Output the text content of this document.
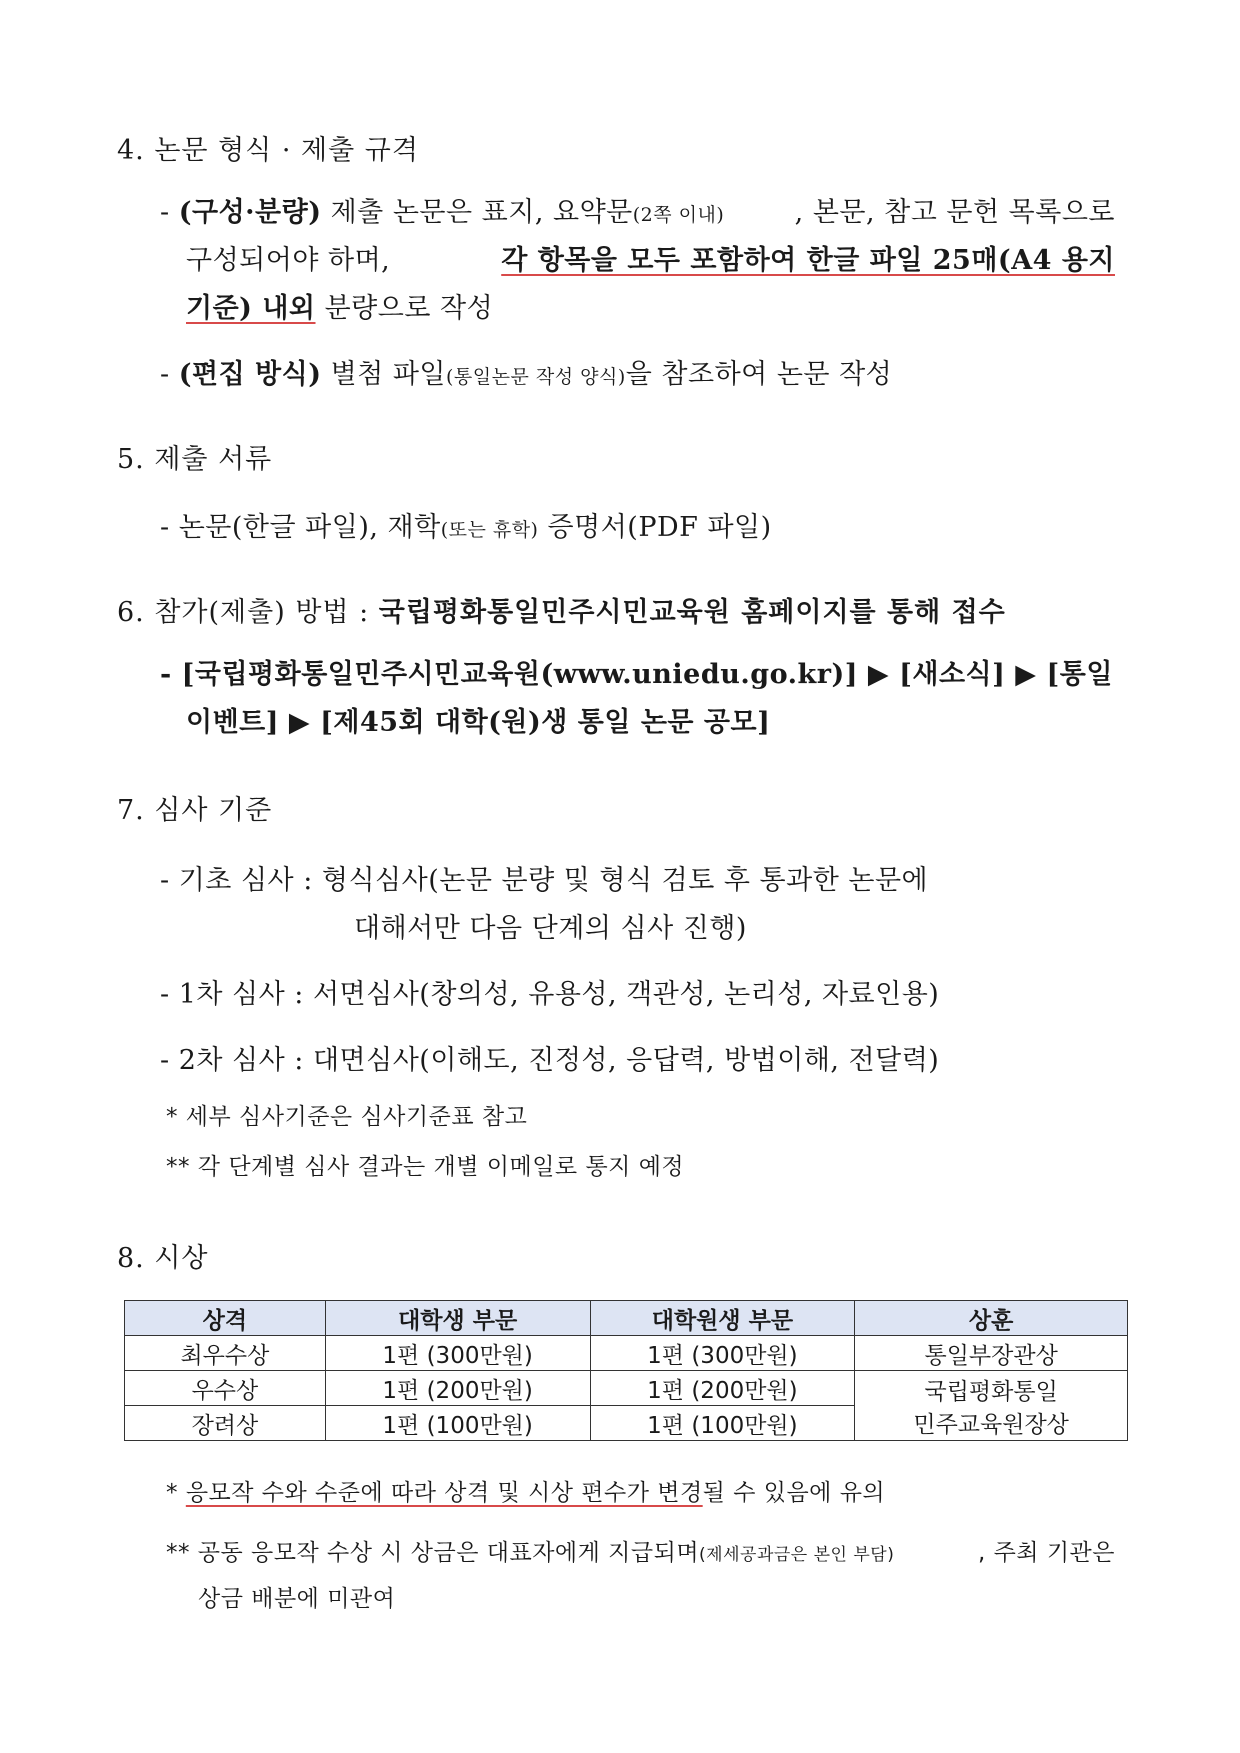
4. 논문 형식 · 제출 규격
- (구성·분량) 제출 논문은 표지, 요약문(2쪽 이내)	, 본문, 참고 문헌 목록으로
구성되어야 하며,	각 항목을 모두 포함하여 한글 파일 25매(A4 용지
기준) 내외 분량으로 작성
- (편집 방식) 별첨 파일(통일논문 작성 양식)을 참조하여 논문 작성
5. 제출 서류
- 논문(한글 파일), 재학(또는 휴학) 증명서(PDF 파일)
6. 참가(제출) 방법 : 국립평화통일민주시민교육원 홈페이지를 통해 접수
- [국립평화통일민주시민교육원(www.uniedu.go.kr)] ▶ [새소식] ▶ [통일
이벤트] ▶ [제45회 대학(원)생 통일 논문 공모]
7. 심사 기준
- 기초 심사 : 형식심사(논문 분량 및 형식 검토 후 통과한 논문에
대해서만 다음 단계의 심사 진행)
- 1차 심사 : 서면심사(창의성, 유용성, 객관성, 논리성, 자료인용)
- 2차 심사 : 대면심사(이해도, 진정성, 응답력, 방법이해, 전달력)
* 세부 심사기준은 심사기준표 참고
** 각 단계별 심사 결과는 개별 이메일로 통지 예정
8. 시상
상격	대학생 부문	대학원생 부문	상훈
최우수상	1편 (300만원)	1편 (300만원)	통일부장관상
우수상	1편 (200만원)	1편 (200만원)	국립평화통일
민주교육원장상

장려상	1편 (100만원)	1편 (100만원)	
* 응모작 수와 수준에 따라 상격 및 시상 편수가 변경될 수 있음에 유의
** 공동 응모작 수상 시 상금은 대표자에게 지급되며(제세공과금은 본인 부담)	, 주최 기관은
상금 배분에 미관여
